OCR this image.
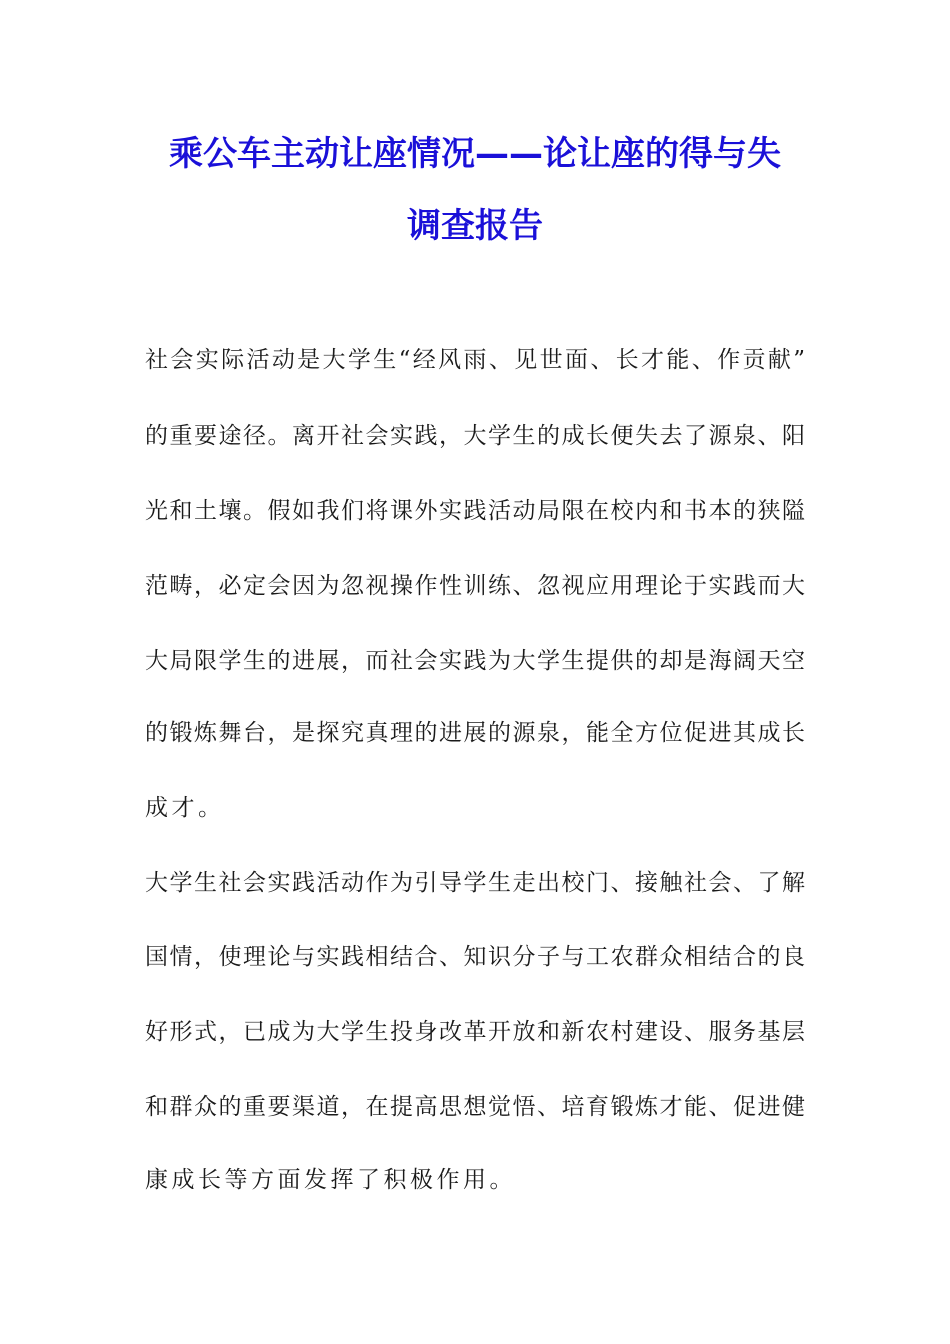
乘公车主动让座情况——论让座的得与失
调查报告
社会实际活动是大学生“经风雨、见世面、长才能、作贡献”
的重要途径。离开社会实践，大学生的成长便失去了源泉、阳
光和土壤。假如我们将课外实践活动局限在校内和书本的狭隘
范畴，必定会因为忽视操作性训练、忽视应用理论于实践而大
大局限学生的进展，而社会实践为大学生提供的却是海阔天空
的锻炼舞台，是探究真理的进展的源泉，能全方位促进其成长
成才。
大学生社会实践活动作为引导学生走出校门、接触社会、了解
国情，使理论与实践相结合、知识分子与工农群众相结合的良
好形式，已成为大学生投身改革开放和新农村建设、服务基层
和群众的重要渠道，在提高思想觉悟、培育锻炼才能、促进健
康成长等方面发挥了积极作用。
